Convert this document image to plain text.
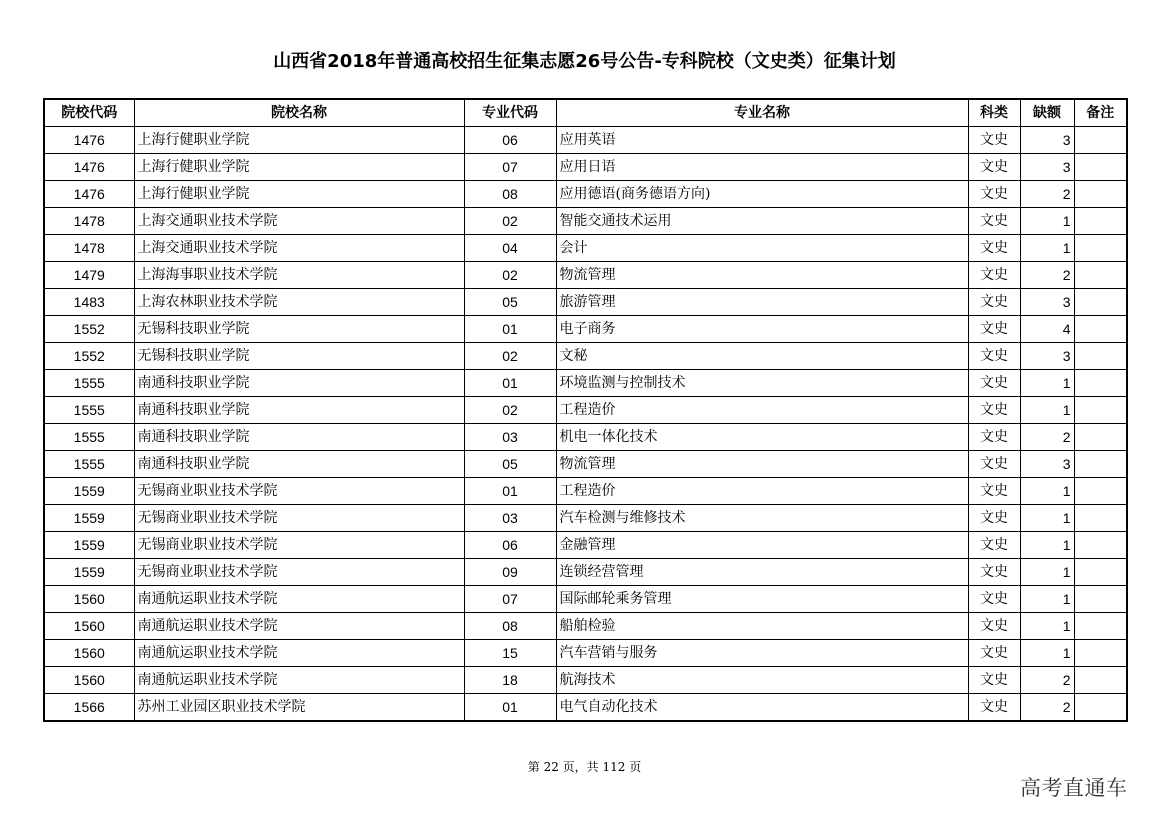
山西省2018年普通高校招生征集志愿26号公告-专科院校（文史类）征集计划
院校代码	院校名称	专业代码	专业名称	科类	缺额	备注
1476	上海行健职业学院	06	应用英语	文史	3	
1476	上海行健职业学院	07	应用日语	文史	3	
1476	上海行健职业学院	08	应用德语(商务德语方向)	文史	2	
1478	上海交通职业技术学院	02	智能交通技术运用	文史	1	
1478	上海交通职业技术学院	04	会计	文史	1	
1479	上海海事职业技术学院	02	物流管理	文史	2	
1483	上海农林职业技术学院	05	旅游管理	文史	3	
1552	无锡科技职业学院	01	电子商务	文史	4	
1552	无锡科技职业学院	02	文秘	文史	3	
1555	南通科技职业学院	01	环境监测与控制技术	文史	1	
1555	南通科技职业学院	02	工程造价	文史	1	
1555	南通科技职业学院	03	机电一体化技术	文史	2	
1555	南通科技职业学院	05	物流管理	文史	3	
1559	无锡商业职业技术学院	01	工程造价	文史	1	
1559	无锡商业职业技术学院	03	汽车检测与维修技术	文史	1	
1559	无锡商业职业技术学院	06	金融管理	文史	1	
1559	无锡商业职业技术学院	09	连锁经营管理	文史	1	
1560	南通航运职业技术学院	07	国际邮轮乘务管理	文史	1	
1560	南通航运职业技术学院	08	船舶检验	文史	1	
1560	南通航运职业技术学院	15	汽车营销与服务	文史	1	
1560	南通航运职业技术学院	18	航海技术	文史	2	
1566	苏州工业园区职业技术学院	01	电气自动化技术	文史	2	
第 22 页，共 112 页
高考直通车
